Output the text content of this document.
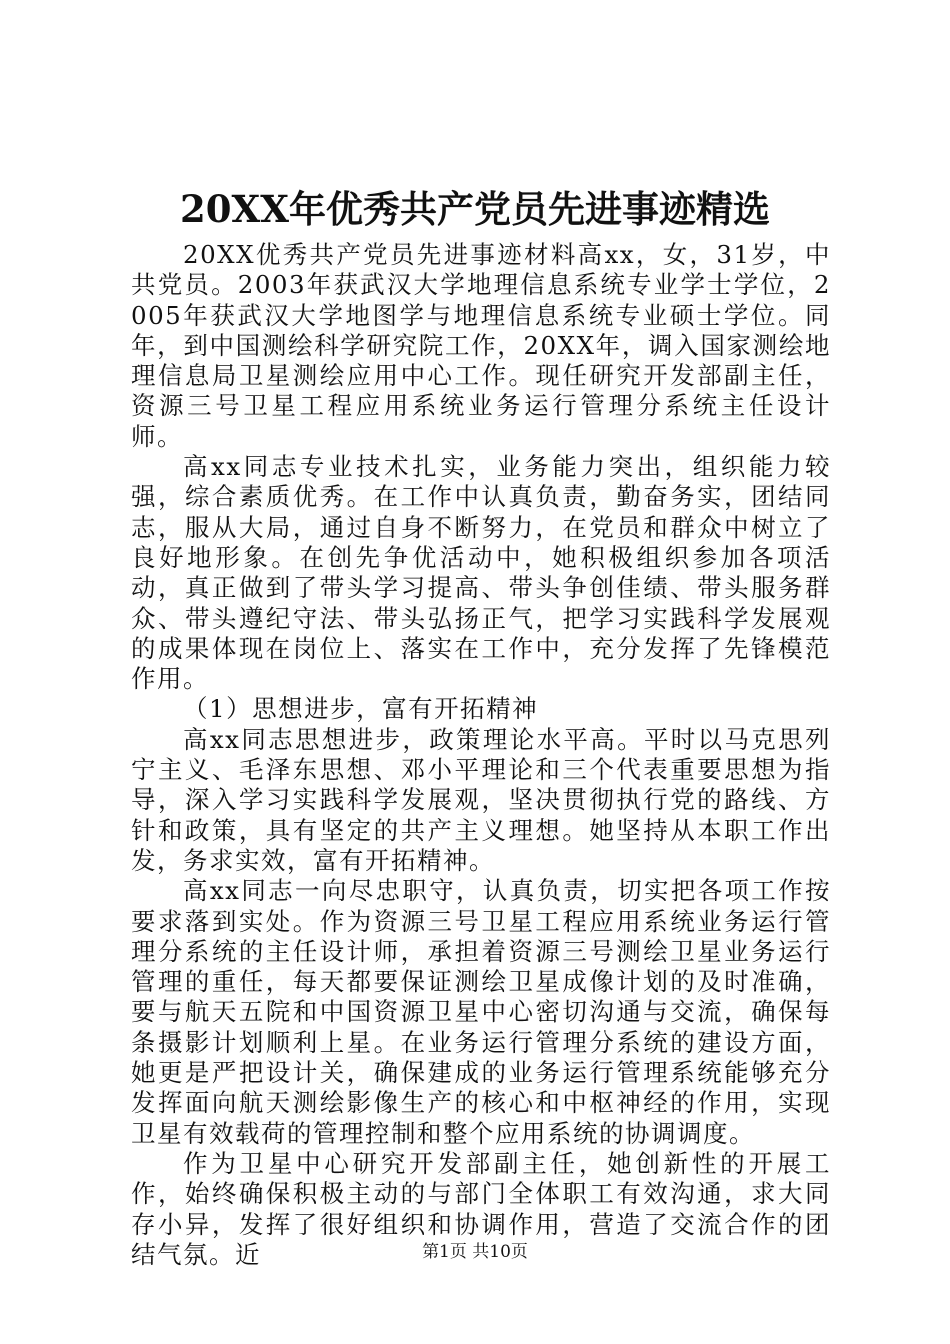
20XX年优秀共产党员先进事迹精选

20XX优秀共产党员先进事迹材料高xx，女，31岁，中共党员。2003年获武汉大学地理信息系统专业学士学位，2005年获武汉大学地图学与地理信息系统专业硕士学位。同年，到中国测绘科学研究院工作，20XX年，调入国家测绘地理信息局卫星测绘应用中心工作。现任研究开发部副主任，资源三号卫星工程应用系统业务运行管理分系统主任设计师。

高xx同志专业技术扎实，业务能力突出，组织能力较强，综合素质优秀。在工作中认真负责，勤奋务实，团结同志，服从大局，通过自身不断努力，在党员和群众中树立了良好地形象。在创先争优活动中，她积极组织参加各项活动，真正做到了带头学习提高、带头争创佳绩、带头服务群众、带头遵纪守法、带头弘扬正气，把学习实践科学发展观的成果体现在岗位上、落实在工作中，充分发挥了先锋模范作用。

（1）思想进步，富有开拓精神

高xx同志思想进步，政策理论水平高。平时以马克思列宁主义、毛泽东思想、邓小平理论和三个代表重要思想为指导，深入学习实践科学发展观，坚决贯彻执行党的路线、方针和政策，具有坚定的共产主义理想。她坚持从本职工作出发，务求实效，富有开拓精神。

高xx同志一向尽忠职守，认真负责，切实把各项工作按要求落到实处。作为资源三号卫星工程应用系统业务运行管理分系统的主任设计师，承担着资源三号测绘卫星业务运行管理的重任，每天都要保证测绘卫星成像计划的及时准确，要与航天五院和中国资源卫星中心密切沟通与交流，确保每条摄影计划顺利上星。在业务运行管理分系统的建设方面，她更是严把设计关，确保建成的业务运行管理系统能够充分发挥面向航天测绘影像生产的核心和中枢神经的作用，实现卫星有效载荷的管理控制和整个应用系统的协调调度。

作为卫星中心研究开发部副主任，她创新性的开展工作，始终确保积极主动的与部门全体职工有效沟通，求大同存小异，发挥了很好组织和协调作用，营造了交流合作的团结气氛。近	第1页 共10页
